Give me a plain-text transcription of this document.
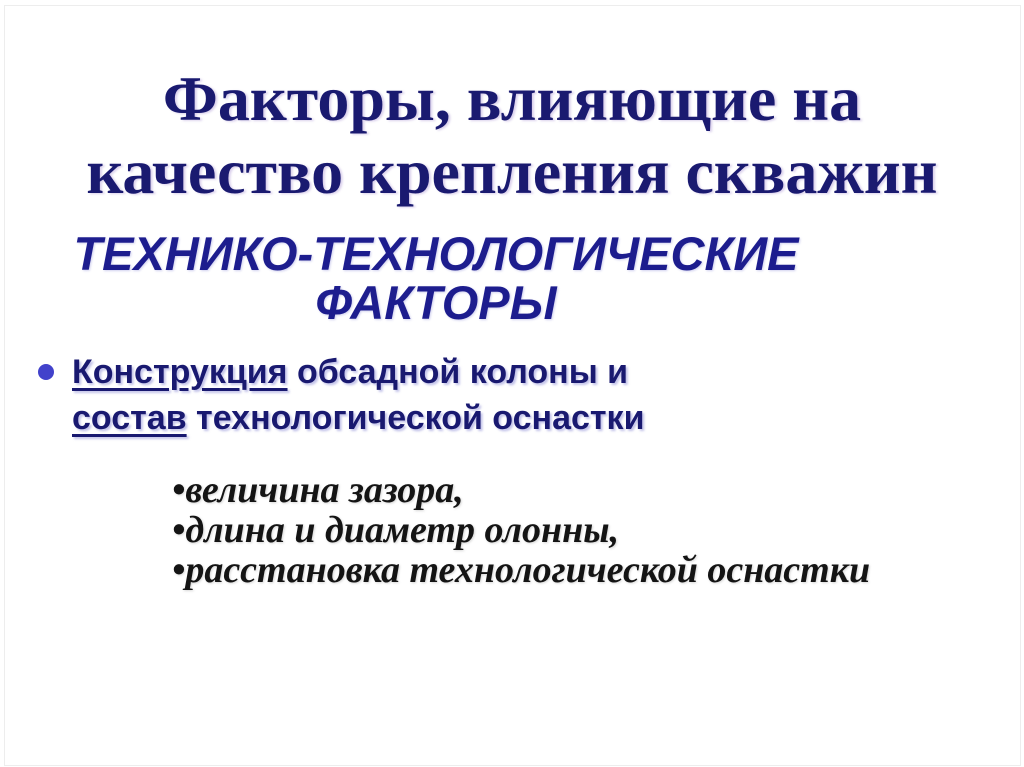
Факторы, влияющие на
качество крепления скважин
ТЕХНИКО-ТЕХНОЛОГИЧЕСКИЕ
ФАКТОРЫ
Конструкция обсадной колоны и
состав технологической оснастки
•величина зазора,
•длина и диаметр олонны,
•расстановка технологической оснастки
